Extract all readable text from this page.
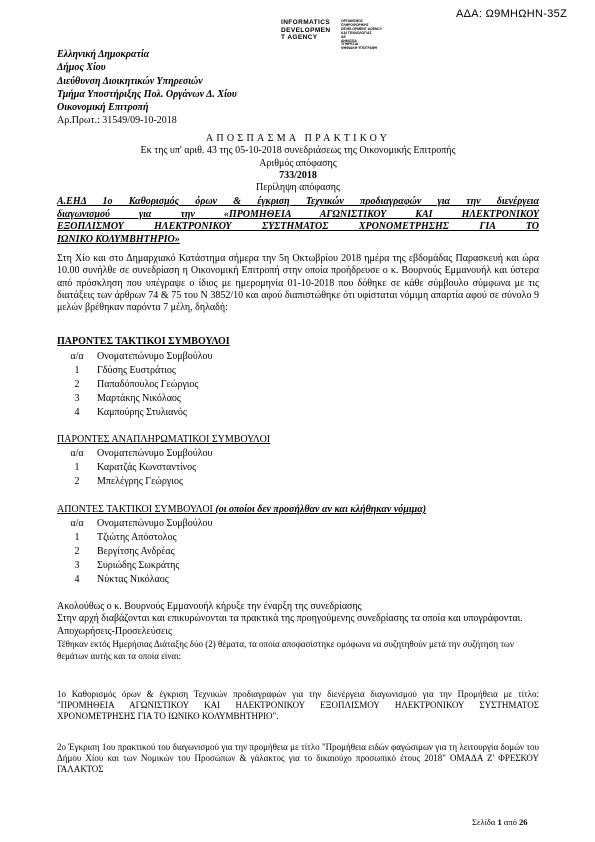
ΑΔΑ: Ω9ΜΗΩΗΝ-35Ζ
INFORMATICS
DEVELOPMEN
T AGENCY
ΟΡΓΑΝΙΣΜΟΣ
ΠΛΗΡΟΦΟΡΙΚΗΣ
DEVELOPMENT AGENCY
ΚΑΙ ΤΕΧΝΟΛΟΓΙΑΣ
ΑΕ
ΔΗΜΟΣΙΑ
ΥΠΗΡΕΣΙΑ
ΨΗΦΙΑΚΗ ΥΠΟΓΡΑΦΗ
Ελληνική Δημοκρατία
Δήμος Χίου
Διεύθυνση Διοικητικών Υπηρεσιών
Τμήμα Υποστήριξης Πολ. Οργάνων Δ. Χίου
Οικονομική Επιτροπή
Αρ.Πρωτ.: 31549/09-10-2018
ΑΠΟΣΠΑΣΜΑ ΠΡΑΚΤΙΚΟΥ
Εκ της υπ' αριθ. 43 της 05-10-2018 συνεδριάσεως της Οικονομικής Επιτροπής
Αριθμός απόφασης
733/2018
Περίληψη απόφασης
Α.ΕΗΔ 1ο Καθορισμός όρων & έγκριση Τεχνικών προδιαγραφών για την διενέργεια
διαγωνισμού για την «ΠΡΟΜΗΘΕΙΑ ΑΓΩΝΙΣΤΙΚΟΥ ΚΑΙ ΗΛΕΚΤΡΟΝΙΚΟΥ
ΕΞΟΠΛΙΣΜΟΥ ΗΛΕΚΤΡΟΝΙΚΟΥ ΣΥΣΤΗΜΑΤΟΣ ΧΡΟΝΟΜΕΤΡΗΣΗΣ ΓΙΑ ΤΟ
ΙΩΝΙΚΟ ΚΟΛΥΜΒΗΤΗΡΙΟ»
Στη Χίο και στο Δημαρχιακό Κατάστημα σήμερα την 5η Οκτωβρίου 2018 ημέρα της εβδομάδας Παρασκευή και ώρα 10.00 συνήλθε σε συνεδρίαση η Οικονομική Επιτροπή στην οποία προήδρευσε ο κ. Βουρνούς Εμμανουήλ και ύστερα από πρόσκληση που υπέγραψε ο ίδιος με ημερομηνία 01-10-2018 που δόθηκε σε κάθε σύμβουλο σύμφωνα με τις διατάξεις των άρθρων 74 & 75 του Ν 3852/10 και αφού διαπιστώθηκε ότι υφίσταται νόμιμη απαρτία αφού σε σύνολο 9 μελών βρέθηκαν παρόντα 7 μέλη, δηλαδή:
ΠΑΡΟΝΤΕΣ ΤΑΚΤΙΚΟΙ ΣΥΜΒΟΥΛΟΙ
α/α	Ονοματεπώνυμο Συμβούλου
1	Γδύσης Ευστράτιος
2	Παπαδόπουλος Γεώργιος
3	Μαρτάκης Νικόλαος
4	Καμπούρης Στυλιανός
ΠΑΡΟΝΤΕΣ ΑΝΑΠΛΗΡΩΜΑΤΙΚΟΙ ΣΥΜΒΟΥΛΟΙ
α/α	Ονοματεπώνυμο Συμβούλου
1	Καρατζάς Κωνσταντίνος
2	Μπελέγρης Γεώργιος
ΑΠΟΝΤΕΣ ΤΑΚΤΙΚΟΙ ΣΥΜΒΟΥΛΟΙ (οι οποίοι δεν προσήλθαν αν και κλήθηκαν νόμιμα)
α/α	Ονοματεπώνυμο Συμβούλου
1	Τζιώτης Απόστολος
2	Βεργίτσης Ανδρέας
3	Συριώδης Σωκράτης
4	Νύκτας Νικόλαος

Ακολούθως ο κ. Βουρνούς Εμμανουήλ κήρυξε την έναρξη της συνεδρίασης

Στην αρχή διαβάζονται και επικυρώνονται τα πρακτικά της προηγούμενης συνεδρίασης τα οποία και υπογράφονται.

Αποχωρήσεις-Προσελεύσεις

Τέθηκαν εκτός Ημερήσιας Διάταξης δύο (2) θέματα, τα οποία αποφασίστηκε ομόφωνα να συζητηθούν μετά την συζήτηση των θεμάτων αυτής και τα οποία είναι:

1ο Καθορισμός όρων & έγκριση Τεχνικών προδιαγραφών για την διενέργεια διαγωνισμού για την Προμήθεια με τίτλο: "ΠΡΟΜΗΘΕΙΑ ΑΓΩΝΙΣΤΙΚΟΥ ΚΑΙ ΗΛΕΚΤΡΟΝΙΚΟΥ ΕΞΟΠΛΙΣΜΟΥ ΗΛΕΚΤΡΟΝΙΚΟΥ ΣΥΣΤΗΜΑΤΟΣ ΧΡΟΝΟΜΕΤΡΗΣΗΣ ΓΙΑ ΤΟ ΙΩΝΙΚΟ ΚΟΛΥΜΒΗΤΗΡΙΟ".
2ο Έγκριση 1ου πρακτικού του διαγωνισμού για την προμήθεια με τίτλο "Προμήθεια ειδών φαγώσιμων για τη λειτουργία δομών του Δήμου Χίου και των Νομικών του Προσώπων & γάλακτος για το δικαιούχο προσωπικό έτους 2018" ΟΜΑΔΑ Ζ' ΦΡΕΣΚΟΥ ΓΑΛΑΚΤΟΣ
Σελίδα 1 από 26
